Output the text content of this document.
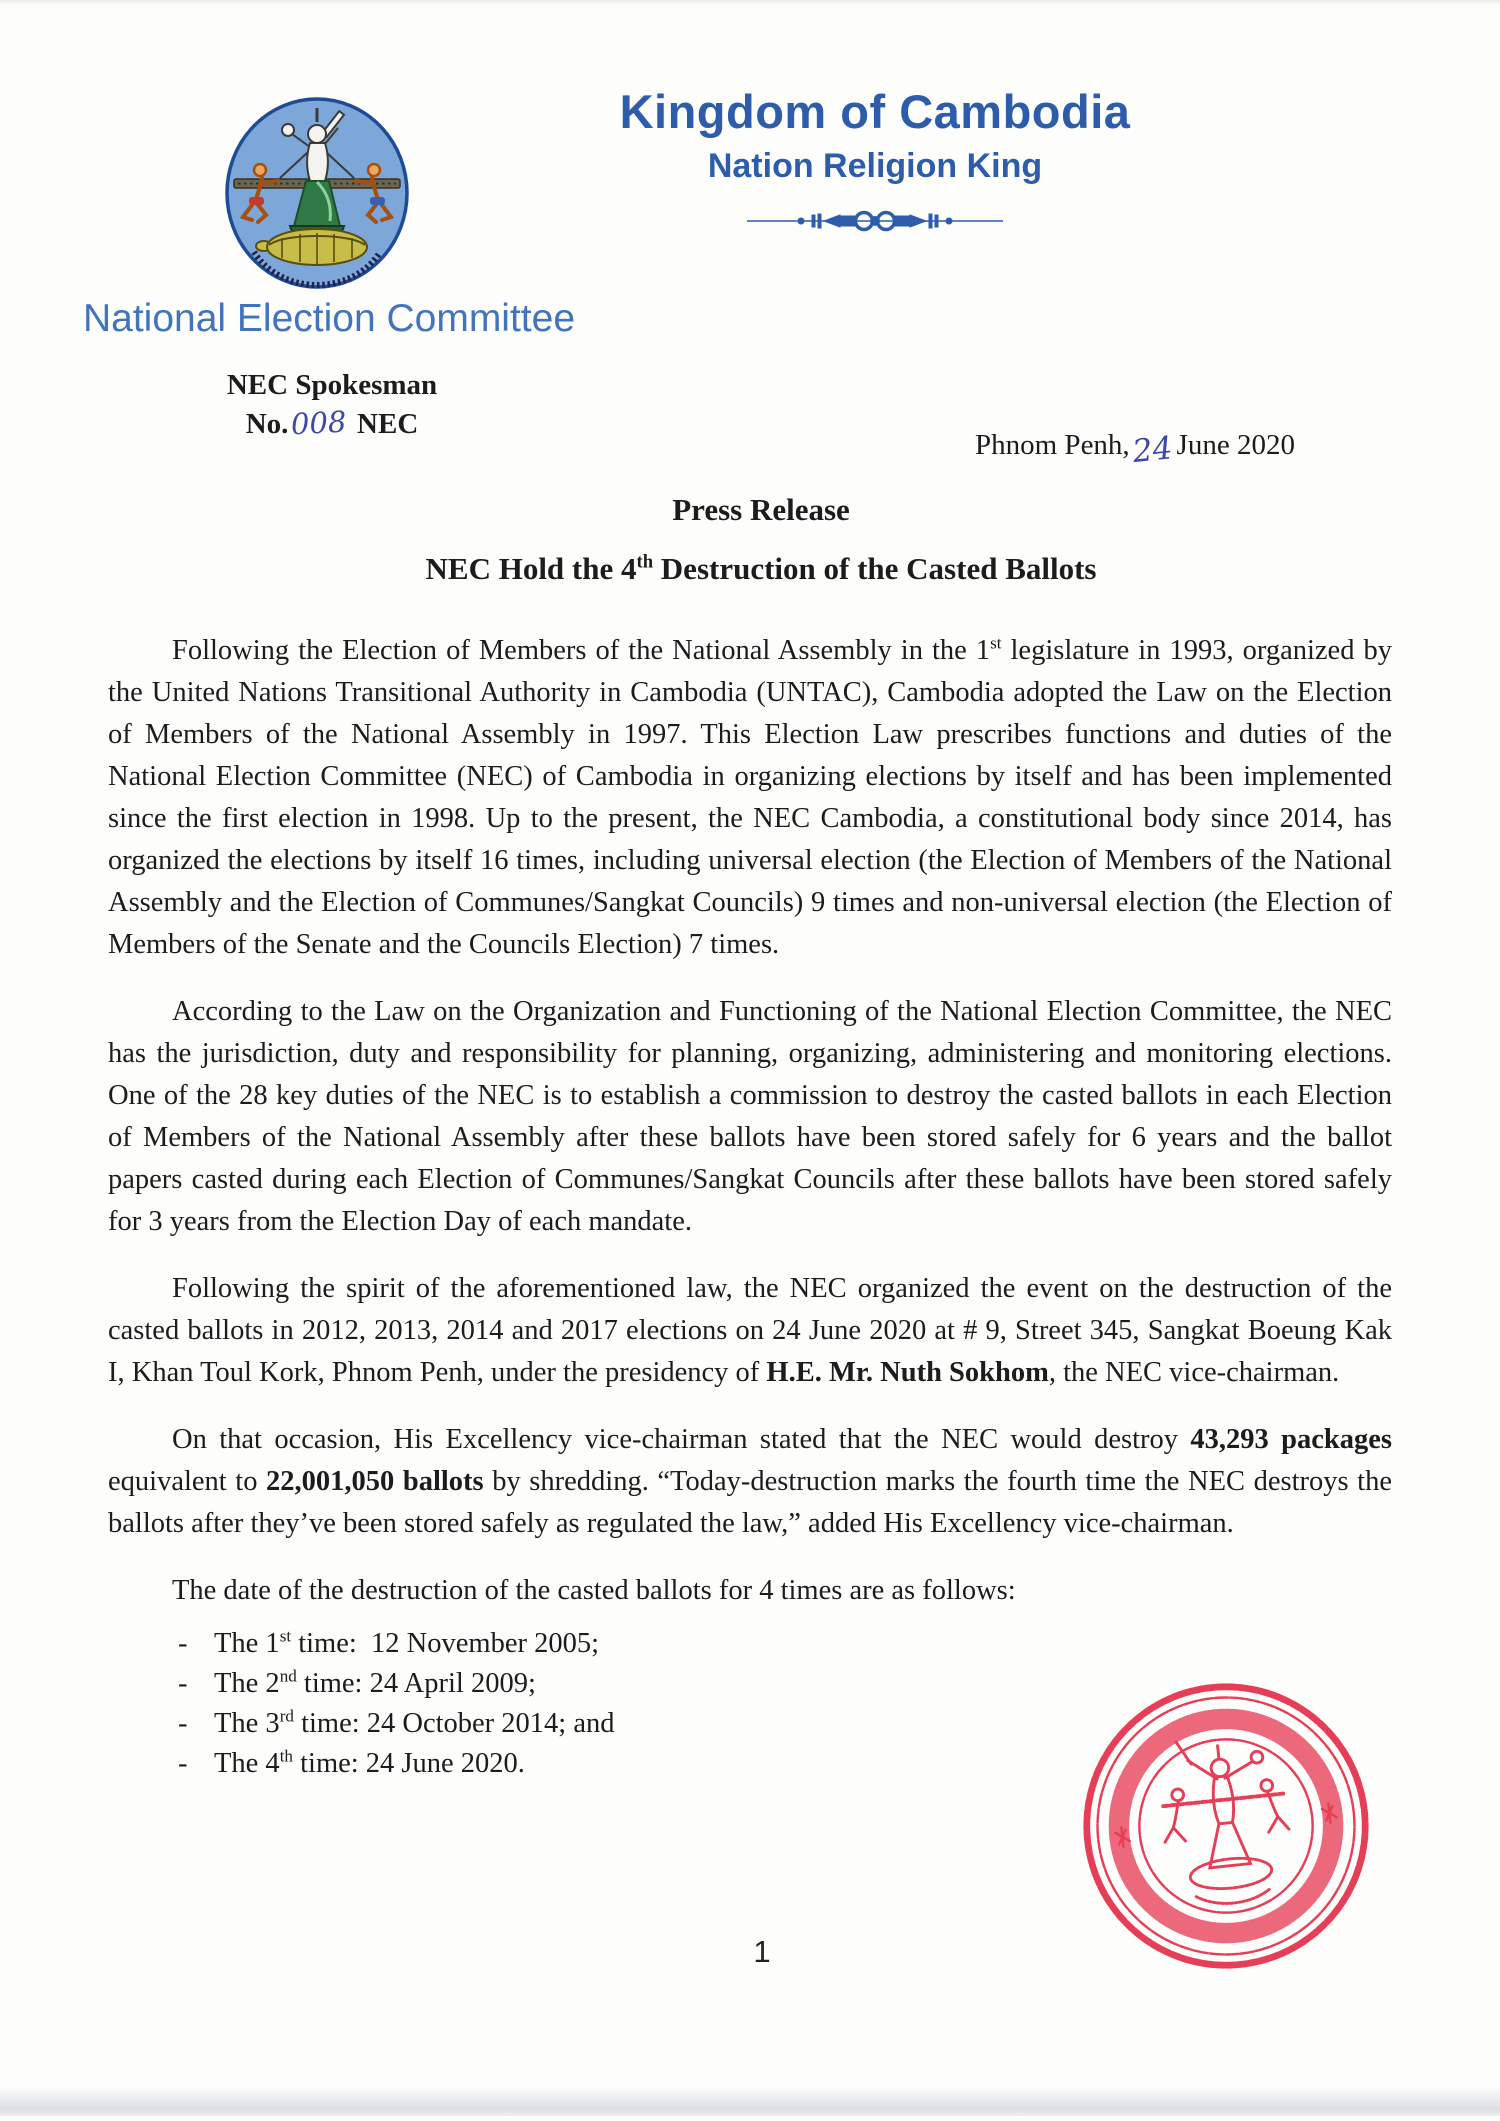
Kingdom of Cambodia
Nation Religion King
National Election Committee
NEC Spokesman
No.008 NEC
Phnom Penh,24June 2020
Press Release
NEC Hold the 4th Destruction of the Casted Ballots

Following the Election of Members of the National Assembly in the 1st legislature in 1993, organized by the United Nations Transitional Authority in Cambodia (UNTAC), Cambodia adopted the Law on the Election of Members of the National Assembly in 1997. This Election Law prescribes functions and duties of the National Election Committee (NEC) of Cambodia in organizing elections by itself and has been implemented since the first election in 1998. Up to the present, the NEC Cambodia, a constitutional body since 2014, has organized the elections by itself 16 times, including universal election (the Election of Members of the National Assembly and the Election of Communes/Sangkat Councils) 9 times and non-universal election (the Election of Members of the Senate and the Councils Election) 7 times.

According to the Law on the Organization and Functioning of the National Election Committee, the NEC has the jurisdiction, duty and responsibility for planning, organizing, administering and monitoring elections. One of the 28 key duties of the NEC is to establish a commission to destroy the casted ballots in each Election of Members of the National Assembly after these ballots have been stored safely for 6 years and the ballot papers casted during each Election of Communes/Sangkat Councils after these ballots have been stored safely for 3 years from the Election Day of each mandate.

Following the spirit of the aforementioned law, the NEC organized the event on the destruction of the casted ballots in 2012, 2013, 2014 and 2017 elections on 24 June 2020 at # 9, Street 345, Sangkat Boeung Kak I, Khan Toul Kork, Phnom Penh, under the presidency of H.E. Mr. Nuth Sokhom, the NEC vice-chairman.

On that occasion, His Excellency vice-chairman stated that the NEC would destroy 43,293 packages equivalent to 22,001,050 ballots by shredding. “Today-destruction marks the fourth time the NEC destroys the ballots after they’ve been stored safely as regulated the law,” added His Excellency vice-chairman.

The date of the destruction of the casted ballots for 4 times are as follows:

- The 1st time:  12 November 2005;
- The 2nd time: 24 April 2009;
- The 3rd time: 24 October 2014; and
- The 4th time: 24 June 2020.
1
